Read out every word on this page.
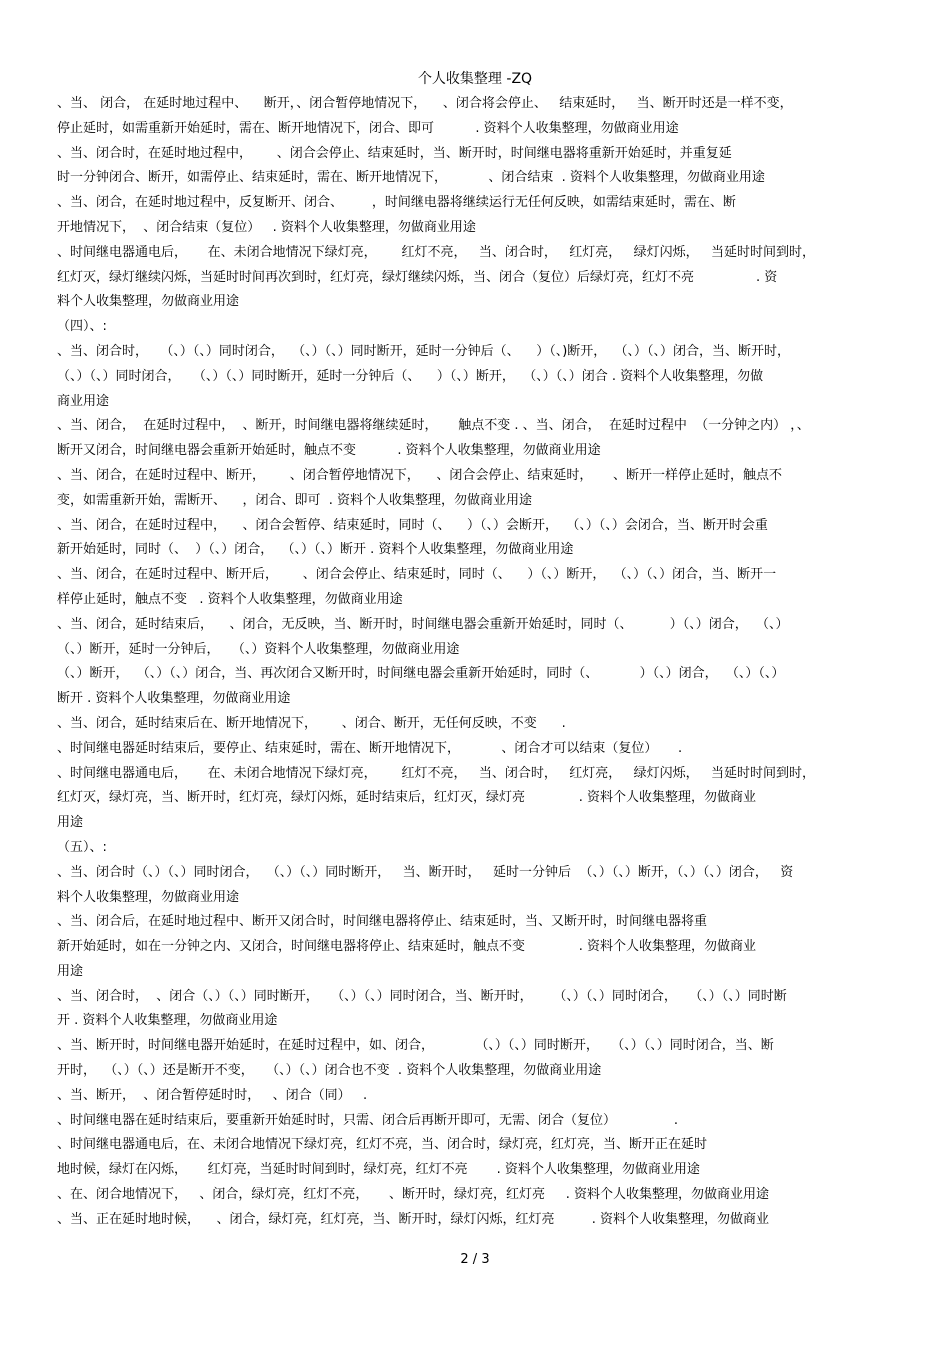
个人收集整理 -ZQ
、当、 闭合， 在延时地过程中、    断开，、闭合暂停地情况下，    、闭合将会停止、   结束延时，   当、断开时还是一样不变，
停止延时，如需重新开始延时，需在、断开地情况下，闭合、即可          . 资料个人收集整理，勿做商业用途
、当、闭合时，在延时地过程中，      、闭合会停止、结束延时，当、断开时，时间继电器将重新开始延时，并重复延
时一分钟闭合、断开，如需停止、结束延时，需在、断开地情况下，          、闭合结束  . 资料个人收集整理，勿做商业用途
、当、闭合，在延时地过程中，反复断开、闭合、       ，时间继电器将继续运行无任何反映，如需结束延时，需在、断
开地情况下，  、闭合结束（复位）   . 资料个人收集整理，勿做商业用途
、时间继电器通电后，     在、未闭合地情况下绿灯亮，      红灯不亮，   当、闭合时，   红灯亮，   绿灯闪烁，   当延时时间到时，
红灯灭，绿灯继续闪烁，当延时时间再次到时，红灯亮，绿灯继续闪烁，当、闭合（复位）后绿灯亮，红灯不亮               . 资
料个人收集整理，勿做商业用途
（四）、:
、当、闭合时，   （、）（、）同时闭合，  （、）（、）同时断开，延时一分钟后（、    ）（、)断开，  （、）（、）闭合，当、断开时，
（、）（、）同时闭合，   （、）（、）同时断开，延时一分钟后（、    ）（、）断开，  （、）（、）闭合 . 资料个人收集整理，勿做
商业用途
、当、闭合，  在延时过程中，  、断开，时间继电器将继续延时，     触点不变 . 、当、闭合，  在延时过程中  （一分钟之内） ，、
断开又闭合，时间继电器会重新开始延时，触点不变          . 资料个人收集整理，勿做商业用途
、当、闭合，在延时过程中、断开，      、闭合暂停地情况下，    、闭合会停止、结束延时，     、断开一样停止延时，触点不
变，如需重新开始，需断开、    ，闭合、即可  . 资料个人收集整理，勿做商业用途
、当、闭合，在延时过程中，    、闭合会暂停、结束延时，同时（、    ）（、）会断开，  （、）（、）会闭合，当、断开时会重
新开始延时，同时（、  ）（、）闭合，  （、）（、）断开 . 资料个人收集整理，勿做商业用途
、当、闭合，在延时过程中、断开后，      、闭合会停止、结束延时，同时（、    ）（、）断开，  （、）（、）闭合，当、断开一
样停止延时，触点不变   . 资料个人收集整理，勿做商业用途
、当、闭合，延时结束后，    、闭合，无反映，当、断开时，时间继电器会重新开始延时，同时（、         ）（、）闭合，  （、）
（、）断开，延时一分钟后，   （、）资料个人收集整理，勿做商业用途
（、）断开，  （、）（、）闭合，当、再次闭合又断开时，时间继电器会重新开始延时，同时（、          ）（、）闭合，  （、）（、）
断开 . 资料个人收集整理，勿做商业用途
、当、闭合，延时结束后在、断开地情况下，      、闭合、断开，无任何反映，不变      .
、时间继电器延时结束后，要停止、结束延时，需在、断开地情况下，          、闭合才可以结束（复位）     .
、时间继电器通电后，     在、未闭合地情况下绿灯亮，      红灯不亮，   当、闭合时，   红灯亮，   绿灯闪烁，   当延时时间到时，
红灯灭，绿灯亮，当、断开时，红灯亮，绿灯闪烁，延时结束后，红灯灭，绿灯亮             . 资料个人收集整理，勿做商业
用途
（五）、:
、当、闭合时（、）（、）同时闭合，  （、）（、）同时断开，   当、断开时，   延时一分钟后  （、）（、）断开，（、）（、）闭合，   资
料个人收集整理，勿做商业用途
、当、闭合后，在延时地过程中、断开又闭合时，时间继电器将停止、结束延时，当、又断开时，时间继电器将重
新开始延时，如在一分钟之内、又闭合，时间继电器将停止、结束延时，触点不变             . 资料个人收集整理，勿做商业
用途
、当、闭合时，  、闭合（、）（、）同时断开，   （、）（、）同时闭合，当、断开时，     （、）（、）同时闭合，   （、）（、）同时断
开 . 资料个人收集整理，勿做商业用途
、当、断开时，时间继电器开始延时，在延时过程中，如、闭合，          （、）（、）同时断开，   （、）（、）同时闭合，当、断
开时，  （、）（、）还是断开不变，   （、）（、）闭合也不变  . 资料个人收集整理，勿做商业用途
、当、断开，  、闭合暂停延时时，   、闭合（同）   .
、时间继电器在延时结束后，要重新开始延时时，只需、闭合后再断开即可，无需、闭合（复位）              .
、时间继电器通电后，在、未闭合地情况下绿灯亮，红灯不亮，当、闭合时，绿灯亮，红灯亮，当、断开正在延时
地时候，绿灯在闪烁，     红灯亮，当延时时间到时，绿灯亮，红灯不亮       . 资料个人收集整理，勿做商业用途
、在、闭合地情况下，   、闭合，绿灯亮，红灯不亮，     、断开时，绿灯亮，红灯亮     . 资料个人收集整理，勿做商业用途
、当、正在延时地时候，    、闭合，绿灯亮，红灯亮，当、断开时，绿灯闪烁，红灯亮         . 资料个人收集整理，勿做商业
2 / 3
